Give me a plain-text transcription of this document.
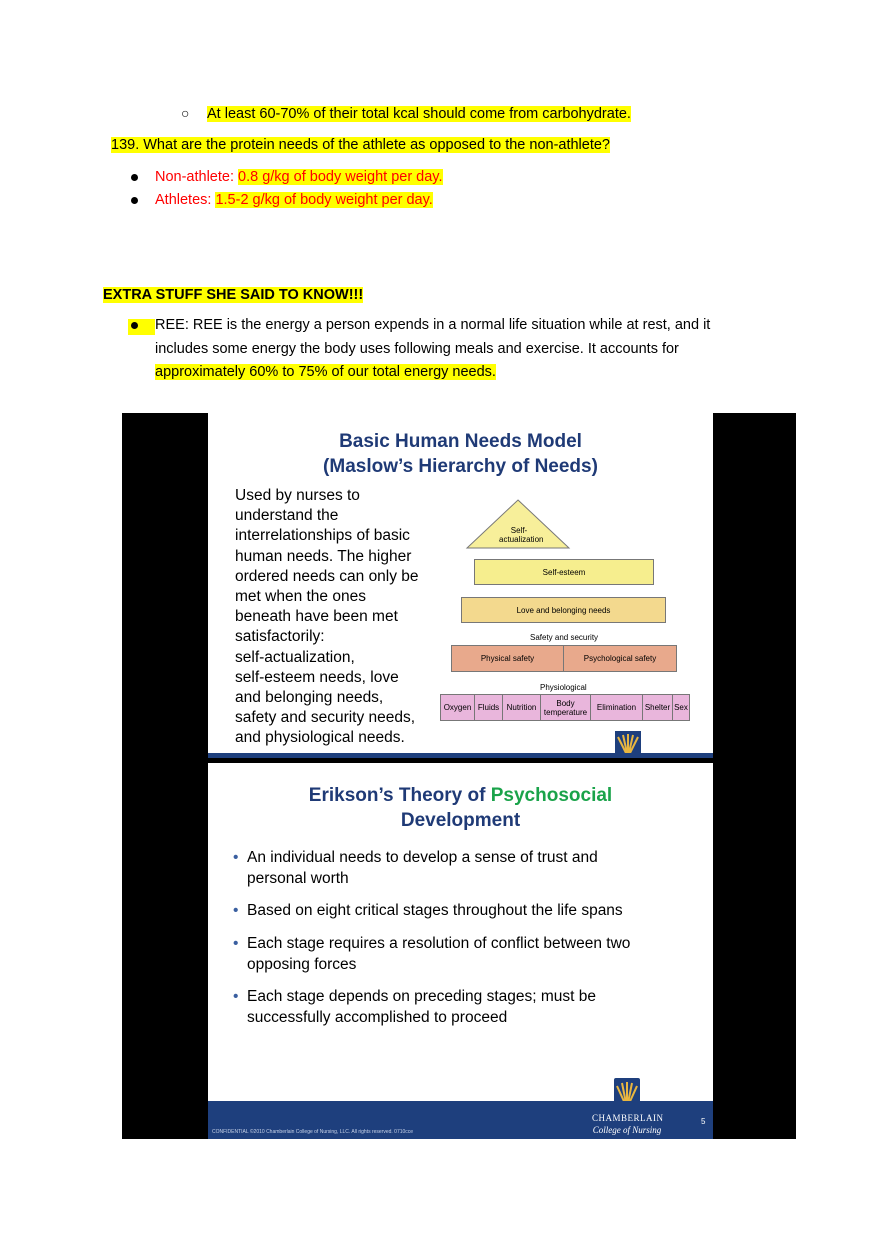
○ At least 60-70% of their total kcal should come from carbohydrate.
139. What are the protein needs of the athlete as opposed to the non-athlete?
Non-athlete: 0.8 g/kg of body weight per day.
Athletes: 1.5-2 g/kg of body weight per day.
EXTRA STUFF SHE SAID TO KNOW!!!
REE: REE is the energy a person expends in a normal life situation while at rest, and it
includes some energy the body uses following meals and exercise. It accounts for
approximately 60% to 75% of our total energy needs.
Basic Human Needs Model
(Maslow’s Hierarchy of Needs)
Used by nurses to
understand the
interrelationships of basic
human needs. The higher
ordered needs can only be
met when the ones
beneath have been met
satisfactorily:
self-actualization,
self-esteem needs, love
and belonging needs,
safety and security needs,
and physiological needs.
Self-actualization
Self-esteem
Love and belonging needs
Safety and security
Physical safety	Psychological safety
Physiological
Oxygen Fluids Nutrition	Body temperature	Elimination Shelter Sex
Erikson’s Theory of Psychosocial
Development
• An individual needs to develop a sense of trust and
personal worth
• Based on eight critical stages throughout the life spans
• Each stage requires a resolution of conflict between two
opposing forces
• Each stage depends on preceding stages; must be
successfully accomplished to proceed
CONFIDENTIAL ©2010 Chamberlain College of Nursing, LLC. All rights reserved. 0710cce
CHAMBERLAIN
College of Nursing
5
